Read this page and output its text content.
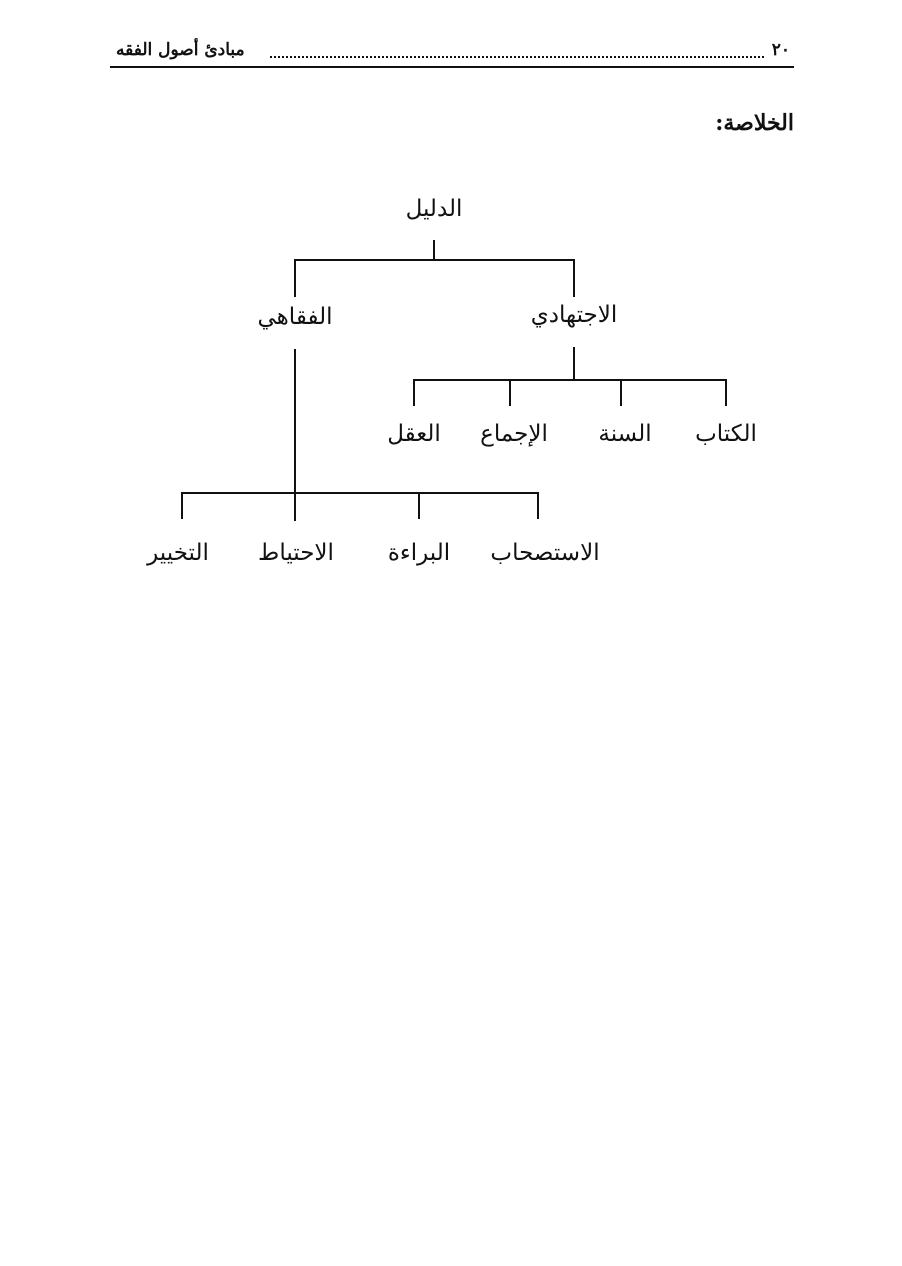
٢٠
مبادئ أصول الفقه
الخلاصة:
الدليل
الاجتهادي
الفقاهي
الكتاب
السنة
الإجماع
العقل
الاستصحاب
البراءة
الاحتياط
التخيير
